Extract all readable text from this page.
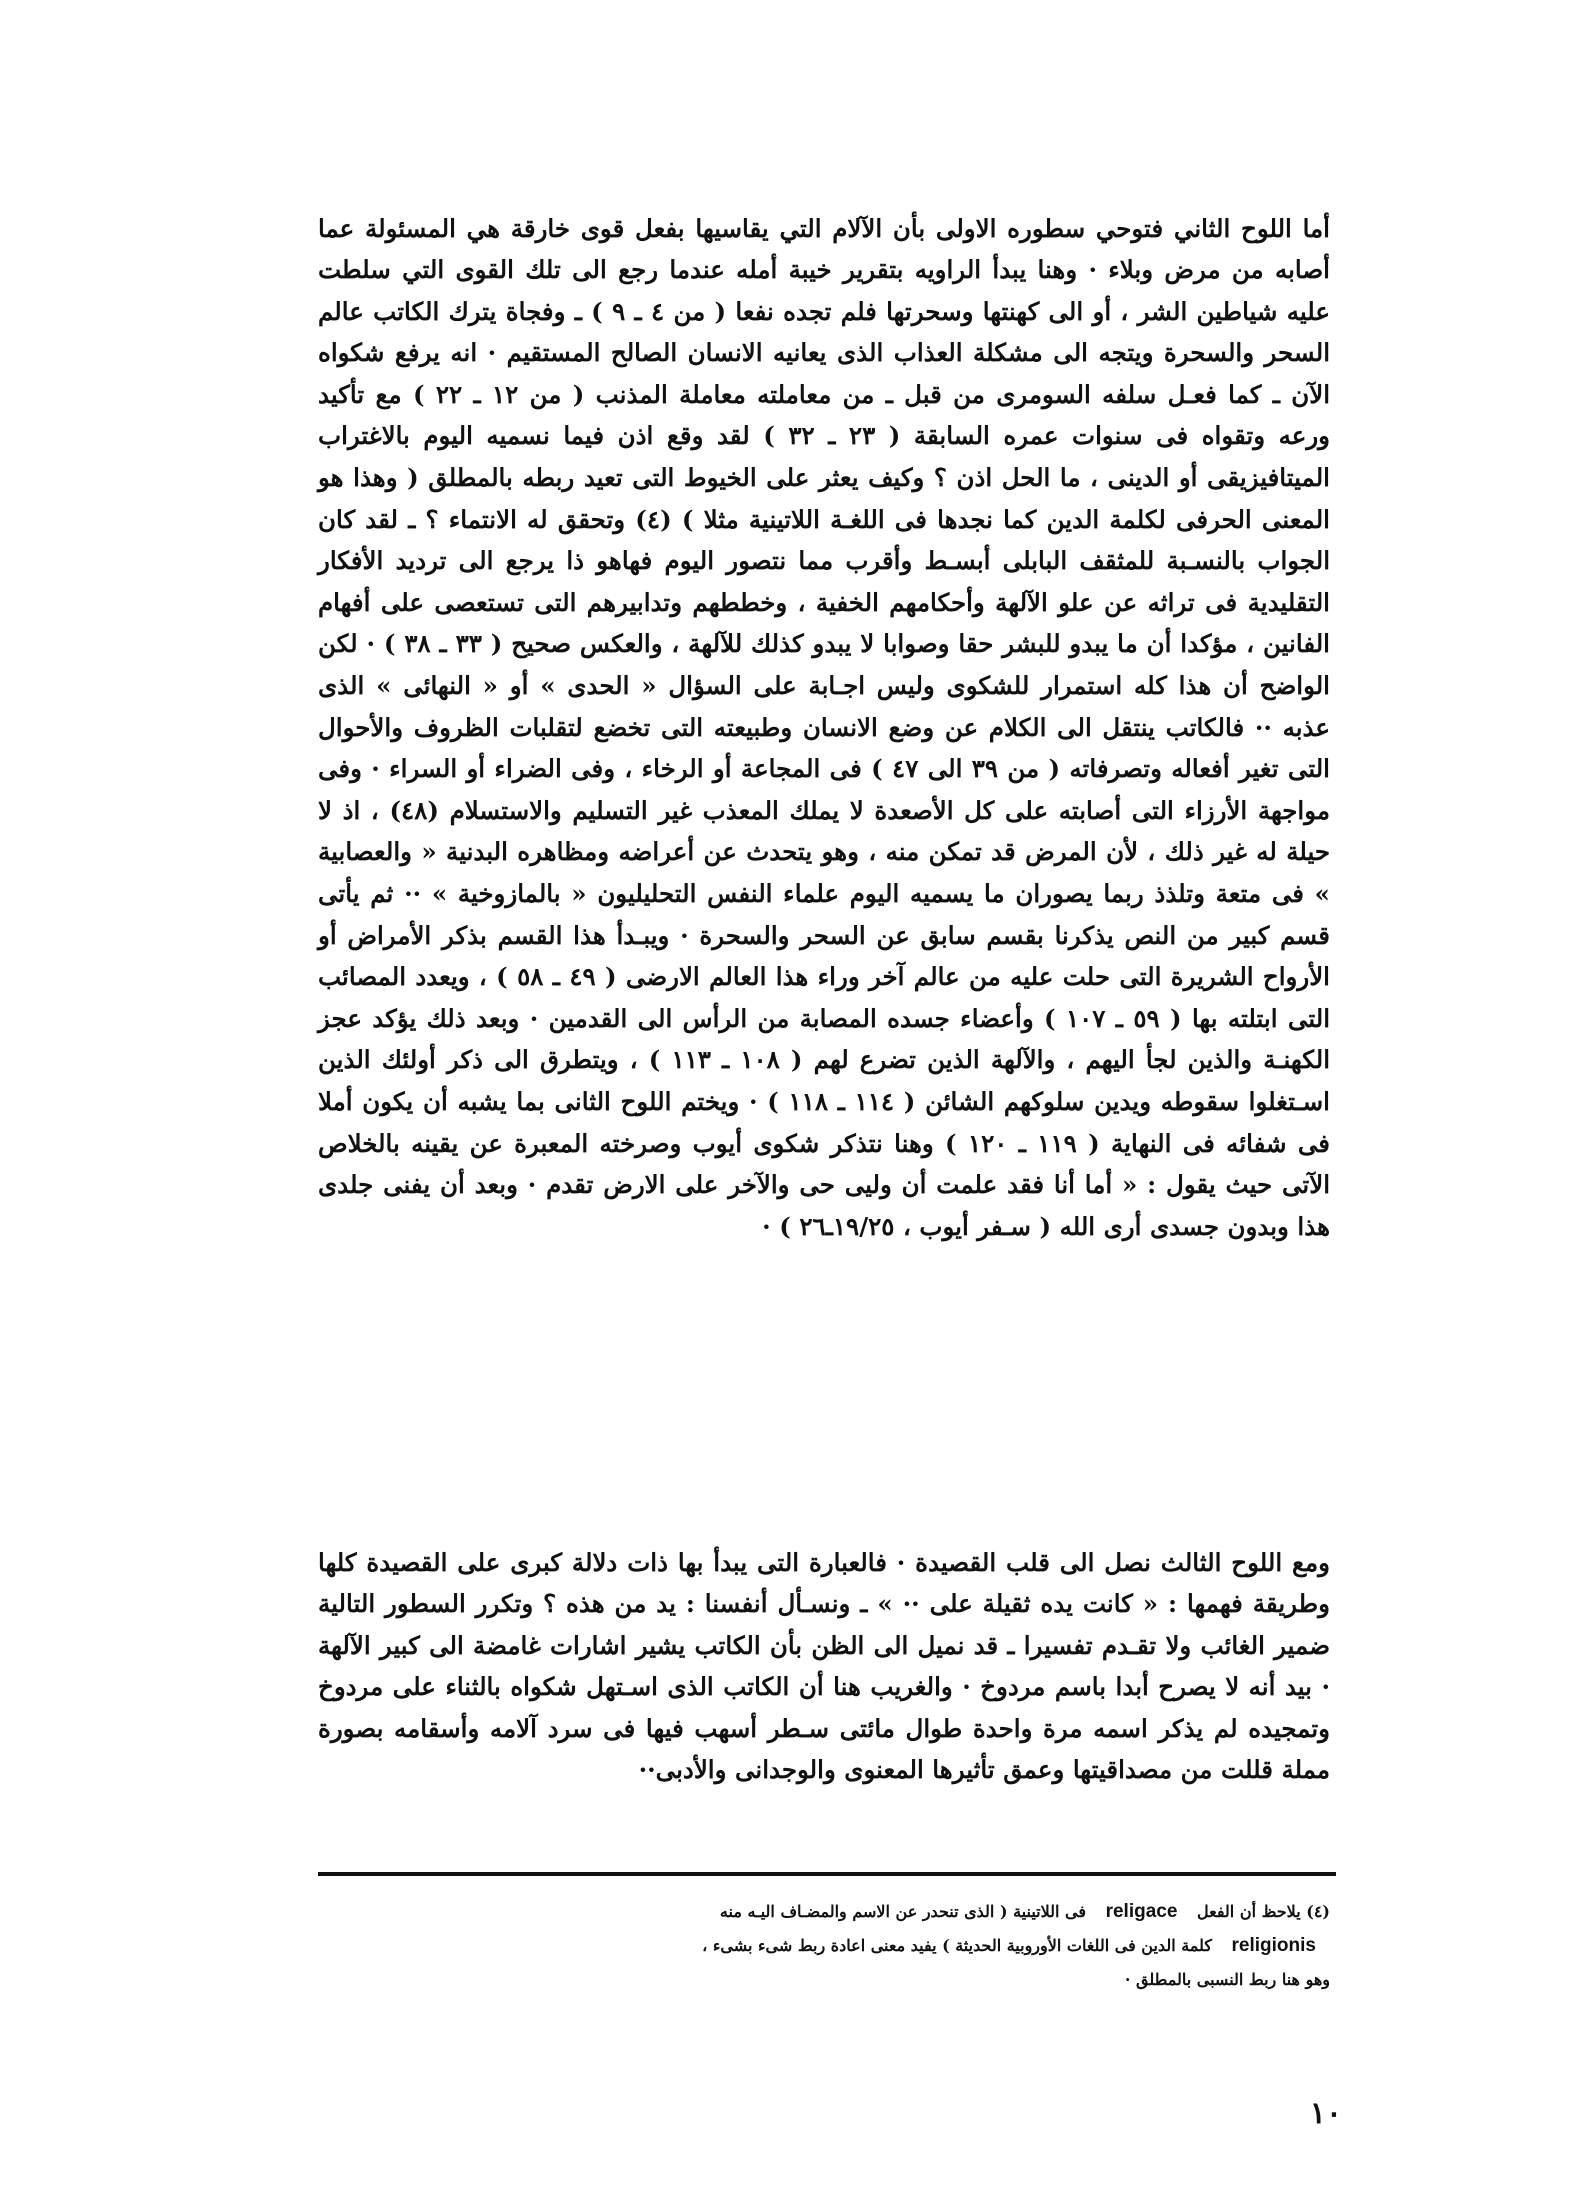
أما اللوح الثاني فتوحي سطوره الاولى بأن الآلام التي يقاسيها بفعل قوى خارقة هي المسئولة عما أصابه من مرض وبلاء · وهنا يبدأ الراويه بتقرير خيبة أمله عندما رجع الى تلك القوى التي سلطت عليه شياطين الشر ، أو الى كهنتها وسحرتها فلم تجده نفعا ( من ٤ ـ ٩ ) ـ وفجاة يترك الكاتب عالم السحر والسحرة ويتجه الى مشكلة العذاب الذى يعانيه الانسان الصالح المستقيم · انه يرفع شكواه الآن ـ كما فعـل سلفه السومرى من قبل ـ من معاملته معاملة المذنب ( من ١٢ ـ ٢٢ ) مع تأكيد ورعه وتقواه فى سنوات عمره السابقة ( ٢٣ ـ ٣٢ ) لقد وقع اذن فيما نسميه اليوم بالاغتراب الميتافيزيقى أو الدينى ، ما الحل اذن ؟ وكيف يعثر على الخيوط التى تعيد ربطه بالمطلق ( وهذا هو المعنى الحرفى لكلمة الدين كما نجدها فى اللغـة اللاتينية مثلا ) (٤) وتحقق له الانتماء ؟ ـ لقد كان الجواب بالنسـبة للمثقف البابلى أبسـط وأقرب مما نتصور اليوم فهاهو ذا يرجع الى ترديد الأفكار التقليدية فى تراثه عن علو الآلهة وأحكامهم الخفية ، وخططهم وتدابيرهم التى تستعصى على أفهام الفانين ، مؤكدا أن ما يبدو للبشر حقا وصوابا لا يبدو كذلك للآلهة ، والعكس صحيح ( ٣٣ ـ ٣٨ ) · لكن الواضح أن هذا كله استمرار للشكوى وليس اجـابة على السؤال « الحدى » أو « النهائى » الذى عذبه ·· فالكاتب ينتقل الى الكلام عن وضع الانسان وطبيعته التى تخضع لتقلبات الظروف والأحوال التى تغير أفعاله وتصرفاته ( من ٣٩ الى ٤٧ ) فى المجاعة أو الرخاء ، وفى الضراء أو السراء · وفى مواجهة الأرزاء التى أصابته على كل الأصعدة لا يملك المعذب غير التسليم والاستسلام (٤٨) ، اذ لا حيلة له غير ذلك ، لأن المرض قد تمكن منه ، وهو يتحدث عن أعراضه ومظاهره البدنية « والعصابية » فى متعة وتلذذ ربما يصوران ما يسميه اليوم علماء النفس التحليليون « بالمازوخية » ·· ثم يأتى قسم كبير من النص يذكرنا بقسم سابق عن السحر والسحرة · ويبـدأ هذا القسم بذكر الأمراض أو الأرواح الشريرة التى حلت عليه من عالم آخر وراء هذا العالم الارضى ( ٤٩ ـ ٥٨ ) ، ويعدد المصائب التى ابتلته بها ( ٥٩ ـ ١٠٧ ) وأعضاء جسده المصابة من الرأس الى القدمين · وبعد ذلك يؤكد عجز الكهنـة والذين لجأ اليهم ، والآلهة الذين تضرع لهم ( ١٠٨ ـ ١١٣ ) ، ويتطرق الى ذكر أولئك الذين اسـتغلوا سقوطه ويدين سلوكهم الشائن ( ١١٤ ـ ١١٨ ) · ويختم اللوح الثانى بما يشبه أن يكون أملا فى شفائه فى النهاية ( ١١٩ ـ ١٢٠ ) وهنا نتذكر شكوى أيوب وصرخته المعبرة عن يقينه بالخلاص الآتى حيث يقول : « أما أنا فقد علمت أن وليى حى والآخر على الارض تقدم · وبعد أن يفنى جلدى هذا وبدون جسدى أرى الله ( سـفر أيوب ، ١٩/٢٥ـ٢٦ ) ·

ومع اللوح الثالث نصل الى قلب القصيدة · فالعبارة التى يبدأ بها ذات دلالة كبرى على القصيدة كلها وطريقة فهمها : « كانت يده ثقيلة على ·· » ـ ونسـأل أنفسنا : يد من هذه ؟ وتكرر السطور التالية ضمير الغائب ولا تقـدم تفسيرا ـ قد نميل الى الظن بأن الكاتب يشير اشارات غامضة الى كبير الآلهة · بيد أنه لا يصرح أبدا باسم مردوخ · والغريب هنا أن الكاتب الذى اسـتهل شكواه بالثناء على مردوخ وتمجيده لم يذكر اسمه مرة واحدة طوال مائتى سـطر أسهب فيها فى سرد آلامه وأسقامه بصورة مملة قللت من مصداقيتها وعمق تأثيرها المعنوى والوجدانى والأدبى··

(٤) يلاحظ أن الفعل religace فى اللاتينية ( الذى تنحدر عن الاسم والمضـاف اليـه منه
religionis كلمة الدين فى اللغات الأوروبية الحديثة ) يفيد معنى اعادة ربط شىء بشىء ،
وهو هنا ربط النسبى بالمطلق ·
١٠
